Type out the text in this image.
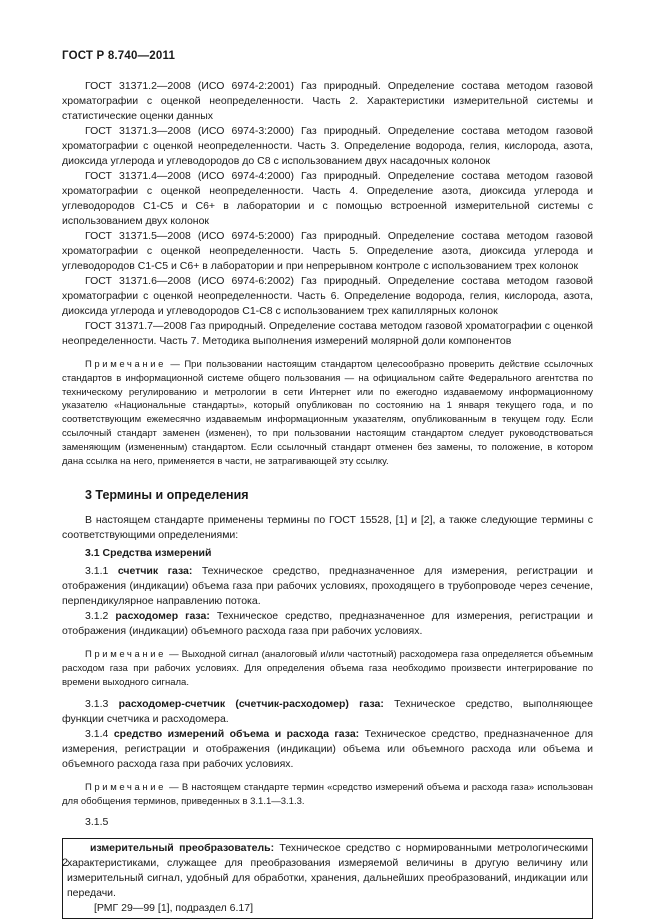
ГОСТ Р 8.740—2011

ГОСТ 31371.2—2008 (ИСО 6974-2:2001) Газ природный. Определение состава методом газовой хроматографии с оценкой неопределенности. Часть 2. Характеристики измерительной системы и статистические оценки данных

ГОСТ 31371.3—2008 (ИСО 6974-3:2000) Газ природный. Определение состава методом газовой хроматографии с оценкой неопределенности. Часть 3. Определение водорода, гелия, кислорода, азота, диоксида углерода и углеводородов до C8 с использованием двух насадочных колонок

ГОСТ 31371.4—2008 (ИСО 6974-4:2000) Газ природный. Определение состава методом газовой хроматографии с оценкой неопределенности. Часть 4. Определение азота, диоксида углерода и углеводородов C1-C5 и C6+ в лаборатории и с помощью встроенной измерительной системы с использованием двух колонок

ГОСТ 31371.5—2008 (ИСО 6974-5:2000) Газ природный. Определение состава методом газовой хроматографии с оценкой неопределенности. Часть 5. Определение азота, диоксида углерода и углеводородов C1-C5 и C6+ в лаборатории и при непрерывном контроле с использованием трех колонок

ГОСТ 31371.6—2008 (ИСО 6974-6:2002) Газ природный. Определение состава методом газовой хроматографии с оценкой неопределенности. Часть 6. Определение водорода, гелия, кислорода, азота, диоксида углерода и углеводородов C1-C8 с использованием трех капиллярных колонок

ГОСТ 31371.7—2008 Газ природный. Определение состава методом газовой хроматографии с оценкой неопределенности. Часть 7. Методика выполнения измерений молярной доли компонентов

Примечание — При пользовании настоящим стандартом целесообразно проверить действие ссылочных стандартов в информационной системе общего пользования — на официальном сайте Федерального агентства по техническому регулированию и метрологии в сети Интернет или по ежегодно издаваемому информационному указателю «Национальные стандарты», который опубликован по состоянию на 1 января текущего года, и по соответствующим ежемесячно издаваемым информационным указателям, опубликованным в текущем году. Если ссылочный стандарт заменен (изменен), то при пользовании настоящим стандартом следует руководствоваться заменяющим (измененным) стандартом. Если ссылочный стандарт отменен без замены, то положение, в котором дана ссылка на него, применяется в части, не затрагивающей эту ссылку.

3 Термины и определения

В настоящем стандарте применены термины по ГОСТ 15528, [1] и [2], а также следующие термины с соответствующими определениями:

3.1 Средства измерений

3.1.1 счетчик газа: Техническое средство, предназначенное для измерения, регистрации и отображения (индикации) объема газа при рабочих условиях, проходящего в трубопроводе через сечение, перпендикулярное направлению потока.

3.1.2 расходомер газа: Техническое средство, предназначенное для измерения, регистрации и отображения (индикации) объемного расхода газа при рабочих условиях.

Примечание — Выходной сигнал (аналоговый и/или частотный) расходомера газа определяется объемным расходом газа при рабочих условиях. Для определения объема газа необходимо произвести интегрирование по времени выходного сигнала.

3.1.3 расходомер-счетчик (счетчик-расходомер) газа: Техническое средство, выполняющее функции счетчика и расходомера.

3.1.4 средство измерений объема и расхода газа: Техническое средство, предназначенное для измерения, регистрации и отображения (индикации) объема или объемного расхода или объема и объемного расхода газа при рабочих условиях.

Примечание — В настоящем стандарте термин «средство измерений объема и расхода газа» использован для обобщения терминов, приведенных в 3.1.1—3.1.3.

3.1.5

измерительный преобразователь: Техническое средство с нормированными метрологическими характеристиками, служащее для преобразования измеряемой величины в другую величину или измерительный сигнал, удобный для обработки, хранения, дальнейших преобразований, индикации или передачи.

[РМГ 29—99 [1], подраздел 6.17]

2
